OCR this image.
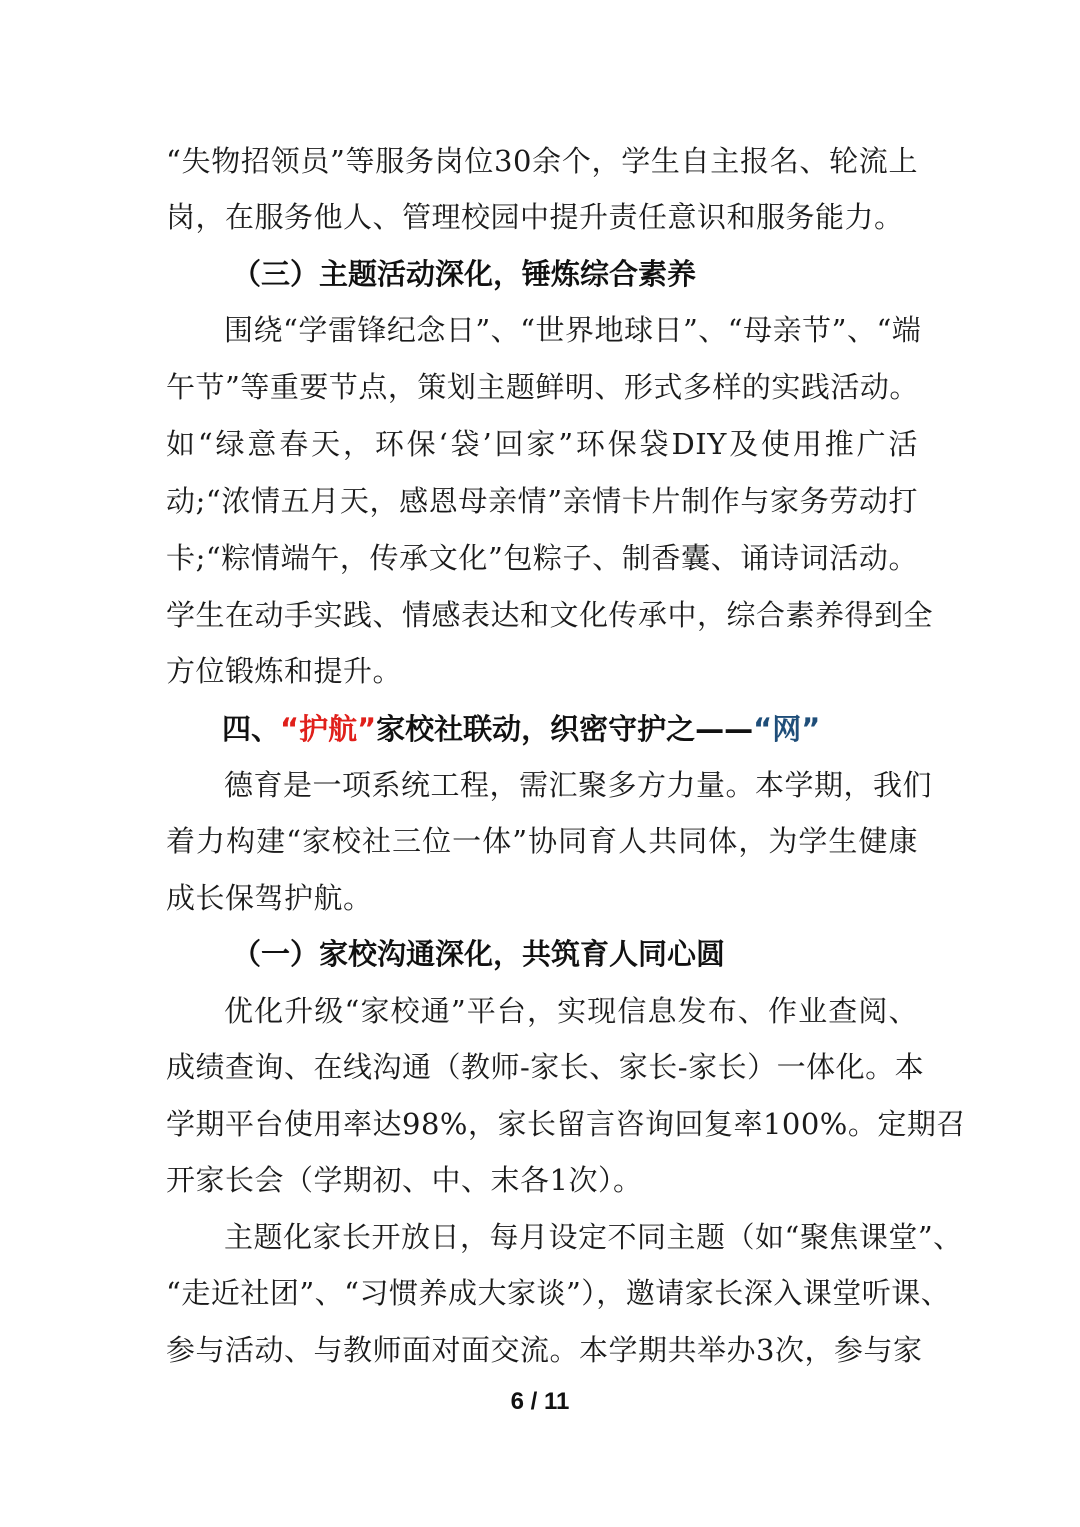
“失物招领员”等服务岗位30余个，学生自主报名、轮流上
岗，在服务他人、管理校园中提升责任意识和服务能力。
（三）主题活动深化，锤炼综合素养
围绕“学雷锋纪念日”、“世界地球日”、“母亲节”、“端
午节”等重要节点，策划主题鲜明、形式多样的实践活动。
如“绿意春天，环保‘袋’回家”环保袋DIY及使用推广活
动;“浓情五月天，感恩母亲情”亲情卡片制作与家务劳动打
卡;“粽情端午，传承文化”包粽子、制香囊、诵诗词活动。
学生在动手实践、情感表达和文化传承中，综合素养得到全
方位锻炼和提升。
四、“护航”家校社联动，织密守护之——“网”
德育是一项系统工程，需汇聚多方力量。本学期，我们
着力构建“家校社三位一体”协同育人共同体，为学生健康
成长保驾护航。
（一）家校沟通深化，共筑育人同心圆
优化升级“家校通”平台，实现信息发布、作业查阅、
成绩查询、在线沟通（教师-家长、家长-家长）一体化。本
学期平台使用率达98%，家长留言咨询回复率100%。定期召
开家长会（学期初、中、末各1次）。
主题化家长开放日，每月设定不同主题（如“聚焦课堂”、
“走近社团”、“习惯养成大家谈”），邀请家长深入课堂听课、
参与活动、与教师面对面交流。本学期共举办3次，参与家
6 / 11
